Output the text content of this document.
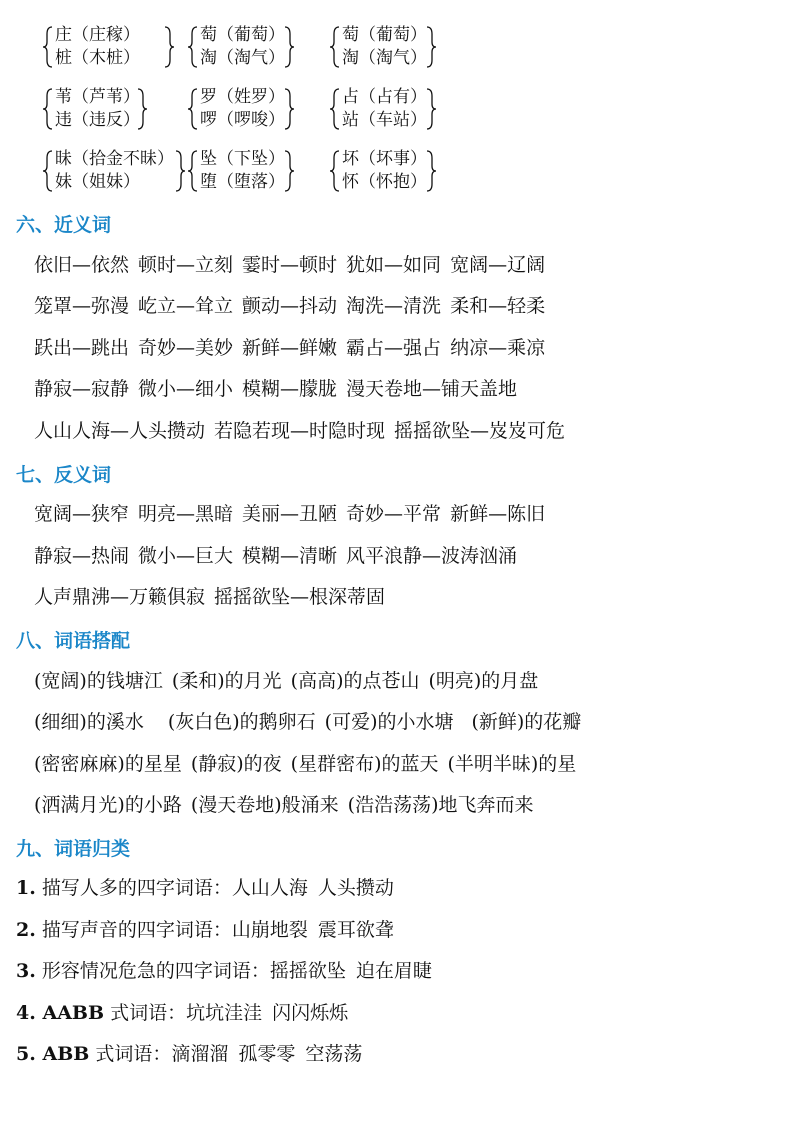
庄（庄稼）
桩（木桩）
萄（葡萄）
淘（淘气）
萄（葡萄）
淘（淘气）
苇（芦苇）
违（违反）
罗（姓罗）
啰（啰唆）
占（占有）
站（车站）
昧（拾金不昧）
妹（姐妹）
坠（下坠）
堕（堕落）
坏（坏事）
怀（怀抱）
六、近义词
依旧—依然 顿时—立刻 霎时—顿时 犹如—如同 宽阔—辽阔
笼罩—弥漫 屹立—耸立 颤动—抖动 淘洗—清洗 柔和—轻柔
跃出—跳出 奇妙—美妙 新鲜—鲜嫩 霸占—强占 纳凉—乘凉
静寂—寂静 微小—细小 模糊—朦胧 漫天卷地—铺天盖地
人山人海—人头攒动 若隐若现—时隐时现 摇摇欲坠—岌岌可危
七、反义词
宽阔—狭窄 明亮—黑暗 美丽—丑陋 奇妙—平常 新鲜—陈旧
静寂—热闹 微小—巨大 模糊—清晰 风平浪静—波涛汹涌
人声鼎沸—万籁俱寂 摇摇欲坠—根深蒂固
八、词语搭配
(宽阔)的钱塘江 (柔和)的月光 (高高)的点苍山 (明亮)的月盘
(细细)的溪水 (灰白色)的鹅卵石 (可爱)的小水塘 (新鲜)的花瓣
(密密麻麻)的星星 (静寂)的夜 (星群密布)的蓝天 (半明半昧)的星
(洒满月光)的小路 (漫天卷地)般涌来 (浩浩荡荡)地飞奔而来
九、词语归类
1. 描写人多的四字词语：人山人海 人头攒动
2. 描写声音的四字词语：山崩地裂 震耳欲聋
3. 形容情况危急的四字词语：摇摇欲坠 迫在眉睫
4. AABB 式词语：坑坑洼洼 闪闪烁烁
5. ABB 式词语：滴溜溜 孤零零 空荡荡
